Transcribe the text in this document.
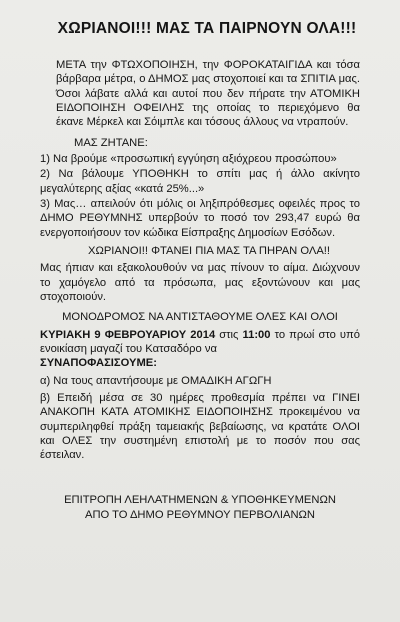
ΧΩΡΙΑΝΟΙ!!! ΜΑΣ ΤΑ ΠΑΙΡΝΟΥΝ ΟΛΑ!!!

ΜΕΤΑ την ΦΤΩΧΟΠΟΙΗΣΗ, την ΦΟΡΟΚΑΤΑΙΓΙΔΑ και τόσα βάρβαρα μέτρα, ο ΔΗΜΟΣ μας στοχοποιεί και τα ΣΠΙΤΙΑ μας. Όσοι λάβατε αλλά και αυτοί που δεν πήρατε την ΑΤΟΜΙΚΗ ΕΙΔΟΠΟΙΗΣΗ ΟΦΕΙΛΗΣ της οποίας το περιεχόμενο θα έκανε Μέρκελ και Σόιμπλε και τόσους άλλους να ντραπούν.

ΜΑΣ ΖΗΤΑΝΕ:

1) Να βρούμε «προσωπική εγγύηση αξιόχρεου προσώπου»

2) Να βάλουμε ΥΠΟΘΗΚΗ το σπίτι μας ή άλλο ακίνητο μεγαλύτερης αξίας «κατά 25%...»

3) Μας… απειλούν ότι μόλις οι ληξιπρόθεσμες οφειλές προς το ΔΗΜΟ ΡΕΘΥΜΝΗΣ υπερβούν το ποσό τον 293,47 ευρώ θα ενεργοποιήσουν τον κώδικα Είσπραξης Δημοσίων Εσόδων.

ΧΩΡΙΑΝΟΙ!! ΦΤΑΝΕΙ ΠΙΑ ΜΑΣ ΤΑ ΠΗΡΑΝ ΟΛΑ!!

Μας ήπιαν και εξακολουθούν να μας πίνουν το αίμα. Διώχνουν το χαμόγελο από τα πρόσωπα, μας εξοντώνουν και μας στοχοποιούν.

ΜΟΝΟΔΡΟΜΟΣ ΝΑ ΑΝΤΙΣΤΑΘΟΥΜΕ ΟΛΕΣ ΚΑΙ ΟΛΟΙ

ΚΥΡΙΑΚΗ 9 ΦΕΒΡΟΥΑΡΙΟΥ 2014 στις 11:00 το πρωί στο υπό ενοικίαση μαγαζί του Κατσαδόρο να

ΣΥΝΑΠΟΦΑΣΙΣΟΥΜΕ:

α) Να τους απαντήσουμε με ΟΜΑΔΙΚΗ ΑΓΩΓΗ

β) Επειδή μέσα σε 30 ημέρες προθεσμία πρέπει να ΓΙΝΕΙ ΑΝΑΚΟΠΗ ΚΑΤΑ ΑΤΟΜΙΚΗΣ ΕΙΔΟΠΟΙΗΣΗΣ προκειμένου να συμπεριληφθεί πράξη ταμειακής βεβαίωσης, να κρατάτε ΟΛΟΙ και ΟΛΕΣ την συστημένη επιστολή με το ποσόν που σας έστειλαν.

ΕΠΙΤΡΟΠΗ ΛΕΗΛΑΤΗΜΕΝΩΝ & ΥΠΟΘΗΚΕΥΜΕΝΩΝ
ΑΠΟ ΤΟ ΔΗΜΟ ΡΕΘΥΜΝΟΥ ΠΕΡΒΟΛΙΑΝΩΝ
